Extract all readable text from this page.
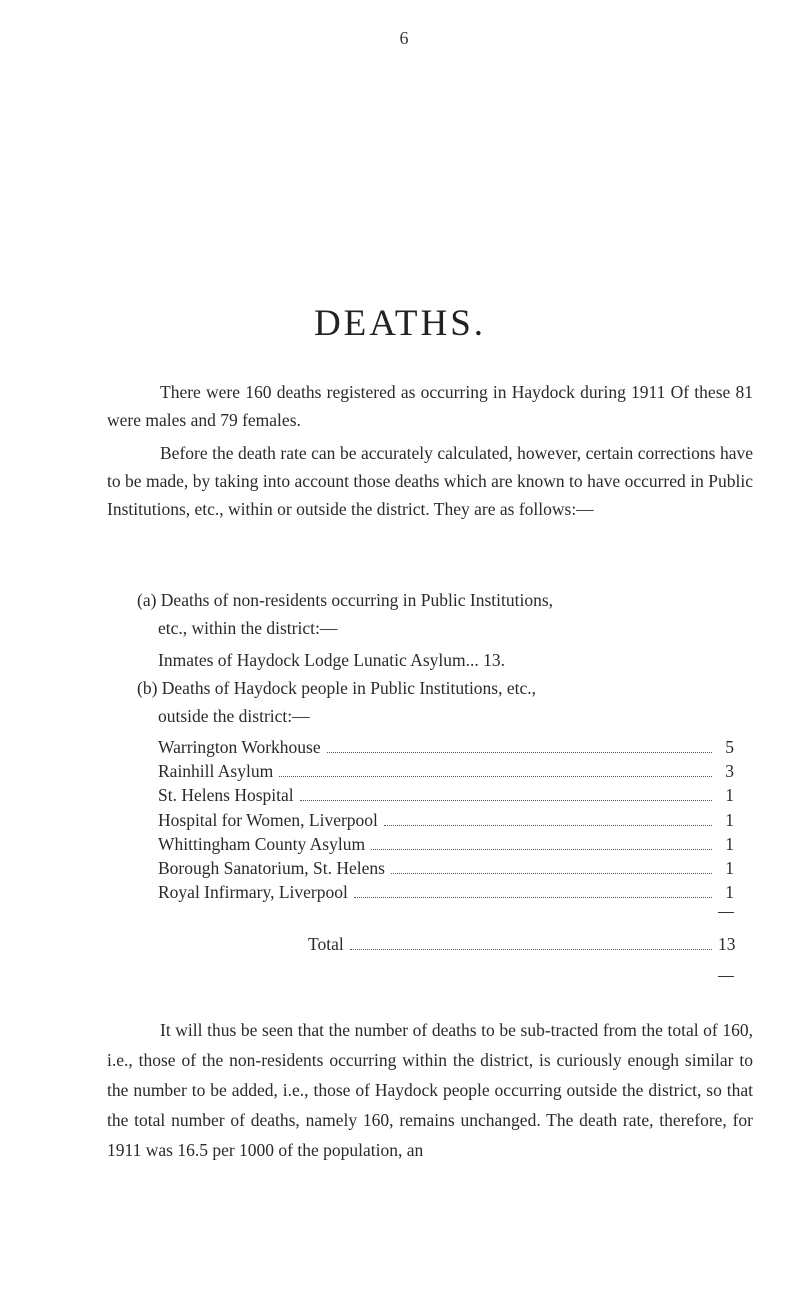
6
DEATHS.
There were 160 deaths registered as occurring in Haydock during 1911 Of these 81 were males and 79 females.
Before the death rate can be accurately calculated, however, certain corrections have to be made, by taking into account those deaths which are known to have occurred in Public Institutions, etc., within or outside the district. They are as follows:—
(a) Deaths of non-residents occurring in Public Institutions,
etc., within the district:—
Inmates of Haydock Lodge Lunatic Asylum... 13.
(b) Deaths of Haydock people in Public Institutions, etc.,
outside the district:—
Warrington Workhouse	5
Rainhill Asylum	3
St. Helens Hospital	1
Hospital for Women, Liverpool	1
Whittingham County Asylum	1
Borough Sanatorium, St. Helens	1
Royal Infirmary, Liverpool	1
Total	13
It will thus be seen that the number of deaths to be sub-tracted from the total of 160, i.e., those of the non-residents occurring within the district, is curiously enough similar to the number to be added, i.e., those of Haydock people occurring outside the district, so that the total number of deaths, namely 160, remains unchanged. The death rate, therefore, for 1911 was 16.5 per 1000 of the population, an
